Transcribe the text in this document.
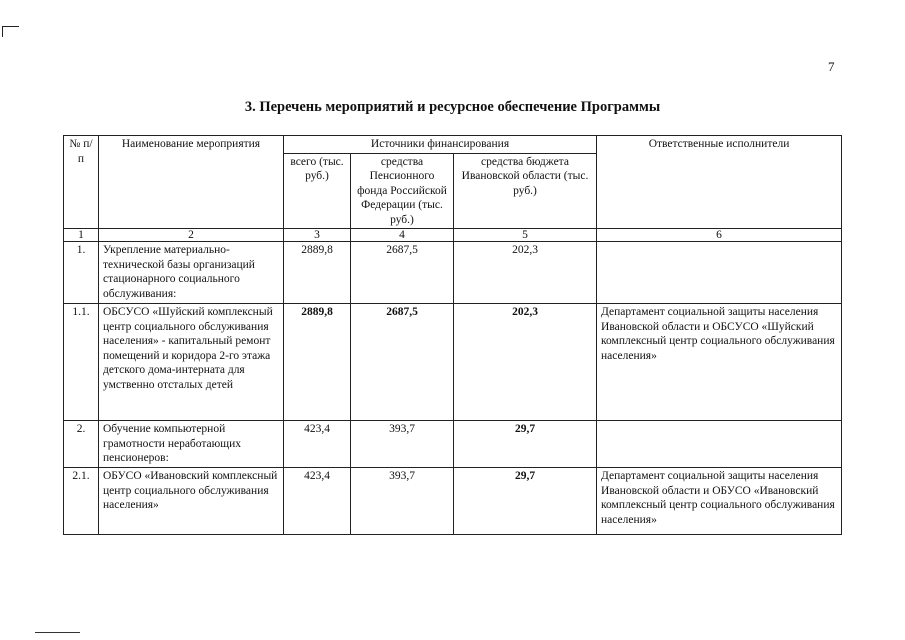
7
3. Перечень мероприятий и ресурсное обеспечение Программы
№ п/п	Наименование мероприятия	Источники финансирования			Ответственные исполнители
		всего (тыс. руб.)	средства Пенсионного фонда Российской Федерации (тыс. руб.)	средства бюджета Ивановской области (тыс. руб.)	
1	2	3	4	5	6
1.	Укрепление материально-технической базы организаций стационарного социального обслуживания:	2889,8	2687,5	202,3	
1.1.	ОБСУСО «Шуйский комплексный центр социального обслуживания населения» - капитальный ремонт помещений и коридора 2-го этажа детского дома-интерната для умственно отсталых детей	2889,8	2687,5	202,3	Департамент социальной защиты населения Ивановской области и ОБСУСО «Шуйский комплексный центр социального обслуживания населения»
2.	Обучение компьютерной грамотности неработающих пенсионеров:	423,4	393,7	29,7	
2.1.	ОБУСО «Ивановский комплексный центр социального обслуживания населения»	423,4	393,7	29,7	Департамент социальной защиты населения Ивановской области и ОБУСО «Ивановский комплексный центр социального обслуживания населения»
